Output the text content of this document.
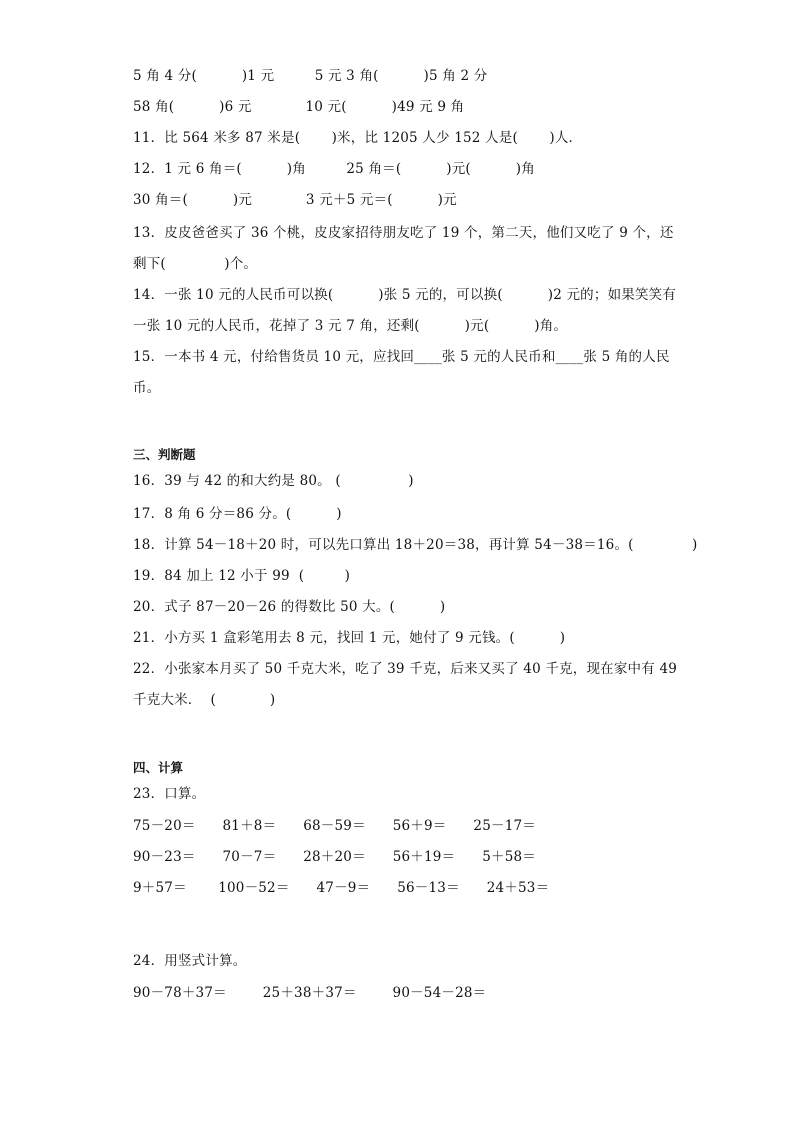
5 角 4 分(          )1 元         5 元 3 角(          )5 角 2 分
58 角(          )6 元            10 元(          )49 元 9 角
11．比 564 米多 87 米是(       )米，比 1205 人少 152 人是(       )人．
12．1 元 6 角＝(          )角         25 角＝(          )元(          )角
30 角＝(          )元            3 元＋5 元＝(          )元
13．皮皮爸爸买了 36 个桃，皮皮家招待朋友吃了 19 个，第二天，他们又吃了 9 个，还
剩下(             )个。
14．一张 10 元的人民币可以换(          )张 5 元的，可以换(          )2 元的；如果笑笑有
一张 10 元的人民币，花掉了 3 元 7 角，还剩(          )元(          )角。
15．一本书 4 元，付给售货员 10 元，应找回____张 5 元的人民币和____张 5 角的人民
币。
三、判断题
16．39 与 42 的和大约是 80。 (               )
17．8 角 6 分＝86 分。(          )
18．计算 54－18＋20 时，可以先口算出 18＋20＝38，再计算 54－38＝16。(             )
19．84 加上 12 小于 99  (         )
20．式子 87－20－26 的得数比 50 大。(          )
21．小方买 1 盒彩笔用去 8 元，找回 1 元，她付了 9 元钱。(          )
22．小张家本月买了 50 千克大米，吃了 39 千克，后来又买了 40 千克，现在家中有 49
千克大米．  (            )
四、计算
23．口算。
75－20＝      81＋8＝      68－59＝      56＋9＝      25－17＝
90－23＝      70－7＝      28＋20＝      56＋19＝      5＋58＝
9＋57＝       100－52＝      47－9＝      56－13＝      24＋53＝
24．用竖式计算。
90－78＋37＝        25＋38＋37＝        90－54－28＝
